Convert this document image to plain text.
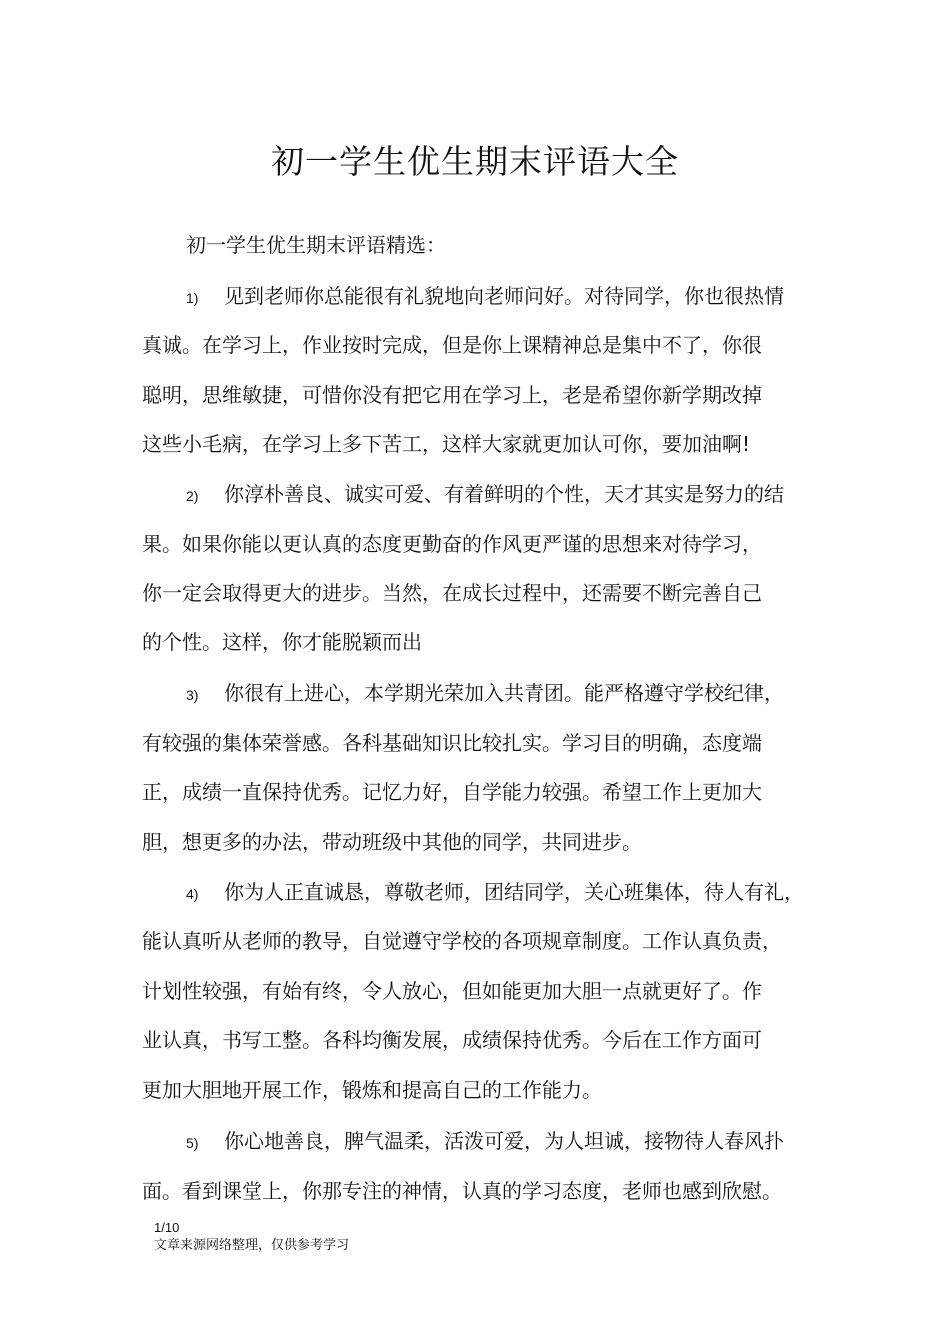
初一学生优生期末评语大全
初一学生优生期末评语精选：
1) 见到老师你总能很有礼貌地向老师问好。对待同学，你也很热情
真诚。在学习上，作业按时完成，但是你上课精神总是集中不了，你很
聪明，思维敏捷，可惜你没有把它用在学习上，老是希望你新学期改掉
这些小毛病，在学习上多下苦工，这样大家就更加认可你，要加油啊!
2) 你淳朴善良、诚实可爱、有着鲜明的个性，天才其实是努力的结
果。如果你能以更认真的态度更勤奋的作风更严谨的思想来对待学习，
你一定会取得更大的进步。当然，在成长过程中，还需要不断完善自己
的个性。这样，你才能脱颖而出
3) 你很有上进心，本学期光荣加入共青团。能严格遵守学校纪律，
有较强的集体荣誉感。各科基础知识比较扎实。学习目的明确，态度端
正，成绩一直保持优秀。记忆力好，自学能力较强。希望工作上更加大
胆，想更多的办法，带动班级中其他的同学，共同进步。
4) 你为人正直诚恳，尊敬老师，团结同学，关心班集体，待人有礼，
能认真听从老师的教导，自觉遵守学校的各项规章制度。工作认真负责，
计划性较强，有始有终，令人放心，但如能更加大胆一点就更好了。作
业认真，书写工整。各科均衡发展，成绩保持优秀。今后在工作方面可
更加大胆地开展工作，锻炼和提高自己的工作能力。
5) 你心地善良，脾气温柔，活泼可爱，为人坦诚，接物待人春风扑
面。看到课堂上，你那专注的神情，认真的学习态度，老师也感到欣慰。
1/10
文章来源网络整理，仅供参考学习
